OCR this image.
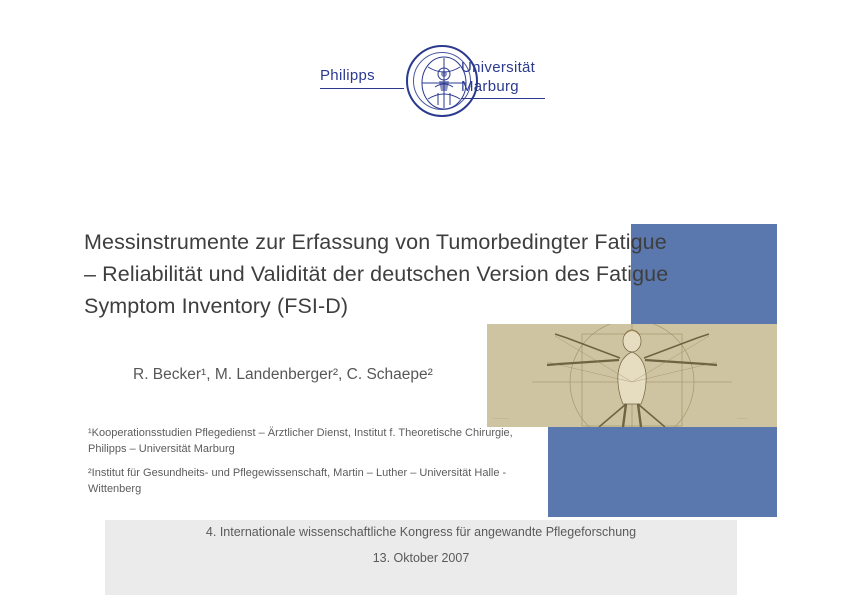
Philipps	Universität
Marburg
Messinstrumente zur Erfassung von Tumorbedingter Fatigue – Reliabilität und Validität der deutschen Version des Fatigue Symptom Inventory (FSI-D)
R. Becker¹, M. Landenberger², C. Schaepe²

¹Kooperationsstudien Pflegedienst – Ärztlicher Dienst, Institut f. Theoretische Chirurgie, Philipps – Universität Marburg

²Institut für Gesundheits- und Pflegewissenschaft, Martin – Luther – Universität Halle - Wittenberg

~~~~~~	~~~~
4. Internationale wissenschaftliche Kongress für angewandte Pflegeforschung
13. Oktober 2007
